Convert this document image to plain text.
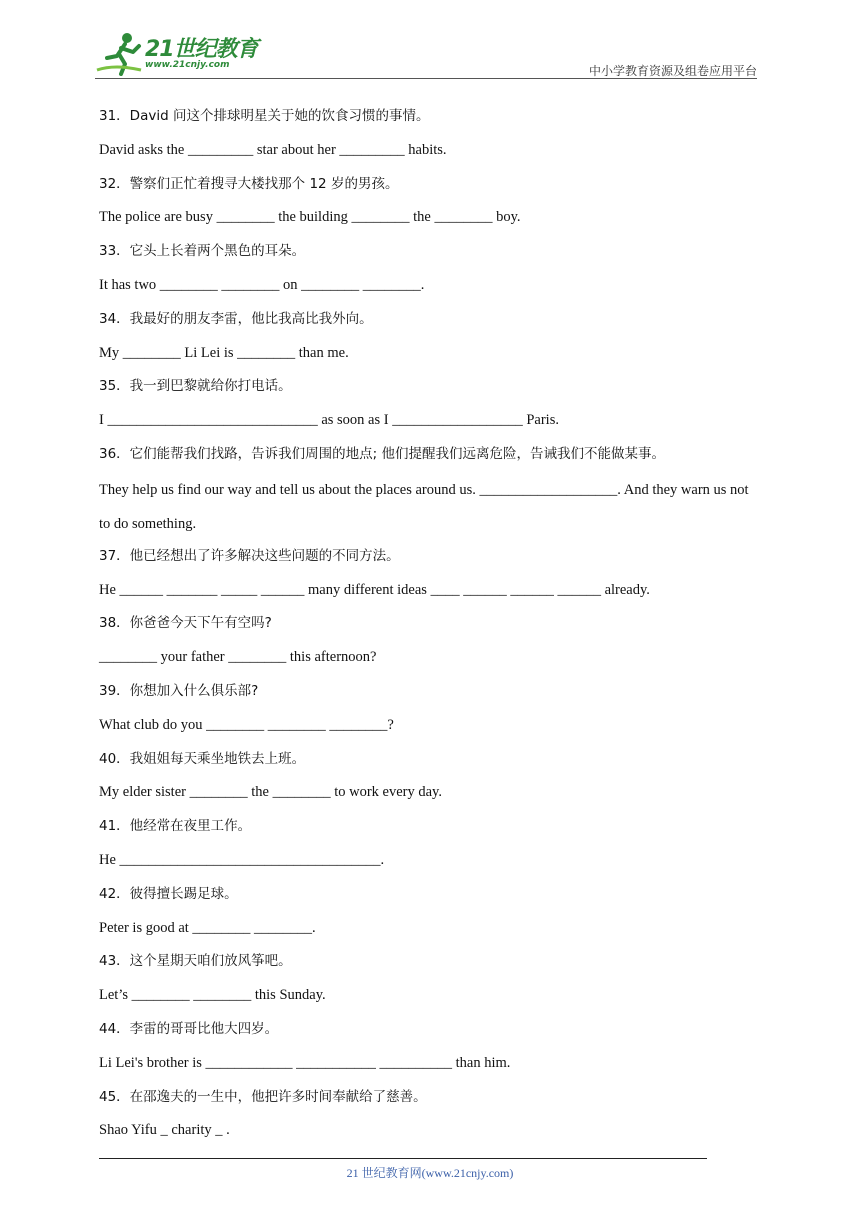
21世纪教育
www.21cnjy.com	中小学教育资源及组卷应用平台
31．David 问这个排球明星关于她的饮食习惯的事情。
David asks the _________ star about her _________ habits.
32．警察们正忙着搜寻大楼找那个 12 岁的男孩。
The police are busy ________ the building ________ the ________ boy.
33．它头上长着两个黑色的耳朵。
It has two ________ ________ on ________ ________.
34．我最好的朋友李雷，他比我高比我外向。
My ________ Li Lei is ________ than me.
35．我一到巴黎就给你打电话。
I _____________________________ as soon as I __________________ Paris.
36．它们能帮我们找路，告诉我们周围的地点; 他们提醒我们远离危险，告诫我们不能做某事。
They help us find our way and tell us about the places around us. ___________________. And they warn us not to do something.
37．他已经想出了许多解决这些问题的不同方法。
He ______ _______ _____ ______ many different ideas ____ ______ ______ ______ already.
38．你爸爸今天下午有空吗?
________ your father ________ this afternoon?
39．你想加入什么俱乐部?
What club do you ________ ________ ________?
40．我姐姐每天乘坐地铁去上班。
My elder sister ________ the ________ to work every day.
41．他经常在夜里工作。
He ____________________________________.
42．彼得擅长踢足球。
Peter is good at ________ ________.
43．这个星期天咱们放风筝吧。
Let’s ________ ________ this Sunday.
44．李雷的哥哥比他大四岁。
Li Lei's brother is ____________ ___________ __________ than him.
45．在邵逸夫的一生中，他把许多时间奉献给了慈善。
Shao Yifu _ charity _ .
21 世纪教育网(www.21cnjy.com)
